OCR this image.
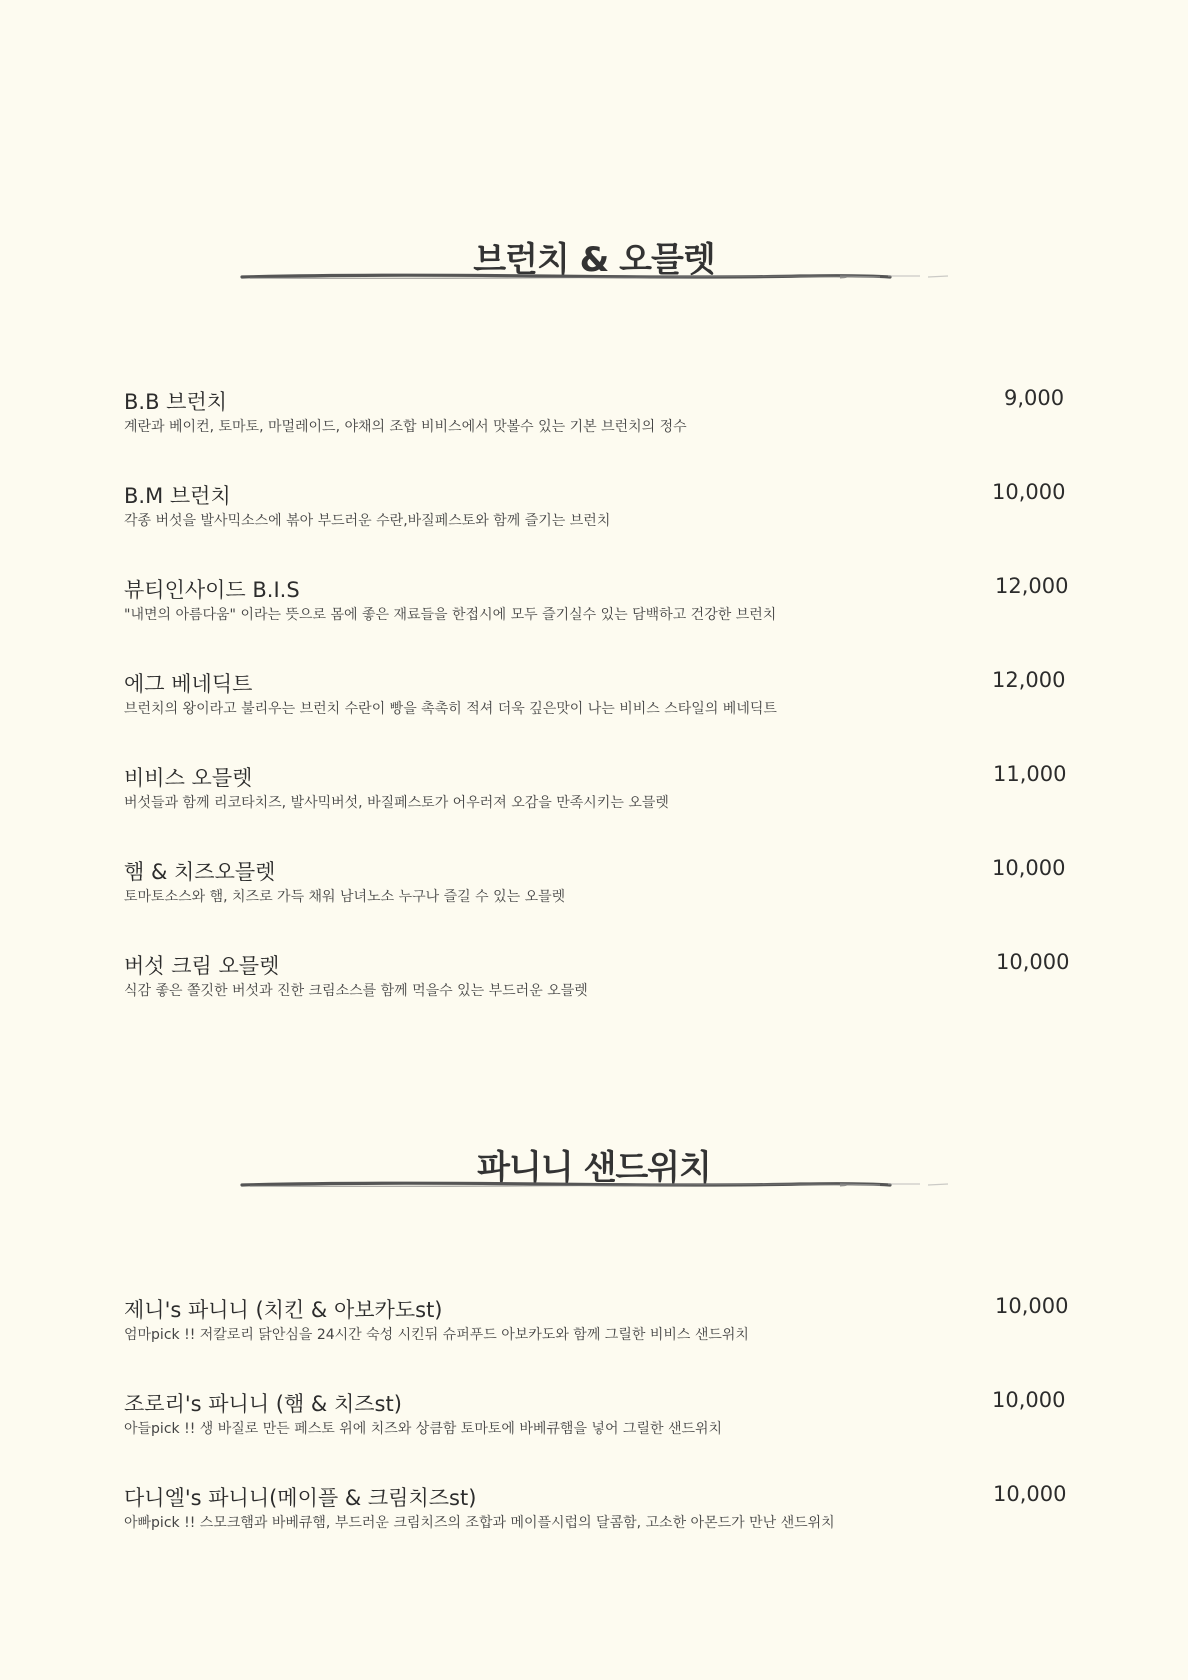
브런치 & 오믈렛
B.B 브런치
계란과 베이컨, 토마토, 마멀레이드, 야채의 조합 비비스에서 맛볼수 있는 기본 브런치의 정수
9,000
B.M 브런치
각종 버섯을 발사믹소스에 볶아 부드러운 수란,바질페스토와 함께 즐기는 브런치
10,000
뷰티인사이드 B.I.S
"내면의 아름다움" 이라는 뜻으로 몸에 좋은 재료들을 한접시에 모두 즐기실수 있는 담백하고 건강한 브런치
12,000
에그 베네딕트
브런치의 왕이라고 불리우는 브런치 수란이 빵을 촉촉히 적셔 더욱 깊은맛이 나는 비비스 스타일의 베네딕트
12,000
비비스 오믈렛
버섯들과 함께 리코타치즈, 발사믹버섯, 바질페스토가 어우러져 오감을 만족시키는 오믈렛
11,000
햄 & 치즈오믈렛
토마토소스와 햄, 치즈로 가득 채워 남녀노소 누구나 즐길 수 있는 오믈렛
10,000
버섯 크림 오믈렛
식감 좋은 쫄깃한 버섯과 진한 크림소스를 함께 먹을수 있는 부드러운 오믈렛
10,000
파니니 샌드위치
제니's 파니니 (치킨 & 아보카도st)
엄마pick !! 저칼로리 닭안심을 24시간 숙성 시킨뒤 슈퍼푸드 아보카도와 함께 그릴한 비비스 샌드위치
10,000
조로리's 파니니 (햄 & 치즈st)
아들pick !! 생 바질로 만든 페스토 위에 치즈와 상큼함 토마토에 바베큐햄을 넣어 그릴한 샌드위치
10,000
다니엘's 파니니(메이플 & 크림치즈st)
아빠pick !! 스모크햄과 바베큐햄, 부드러운 크림치즈의 조합과 메이플시럽의 달콤함, 고소한 아몬드가 만난 샌드위치
10,000
